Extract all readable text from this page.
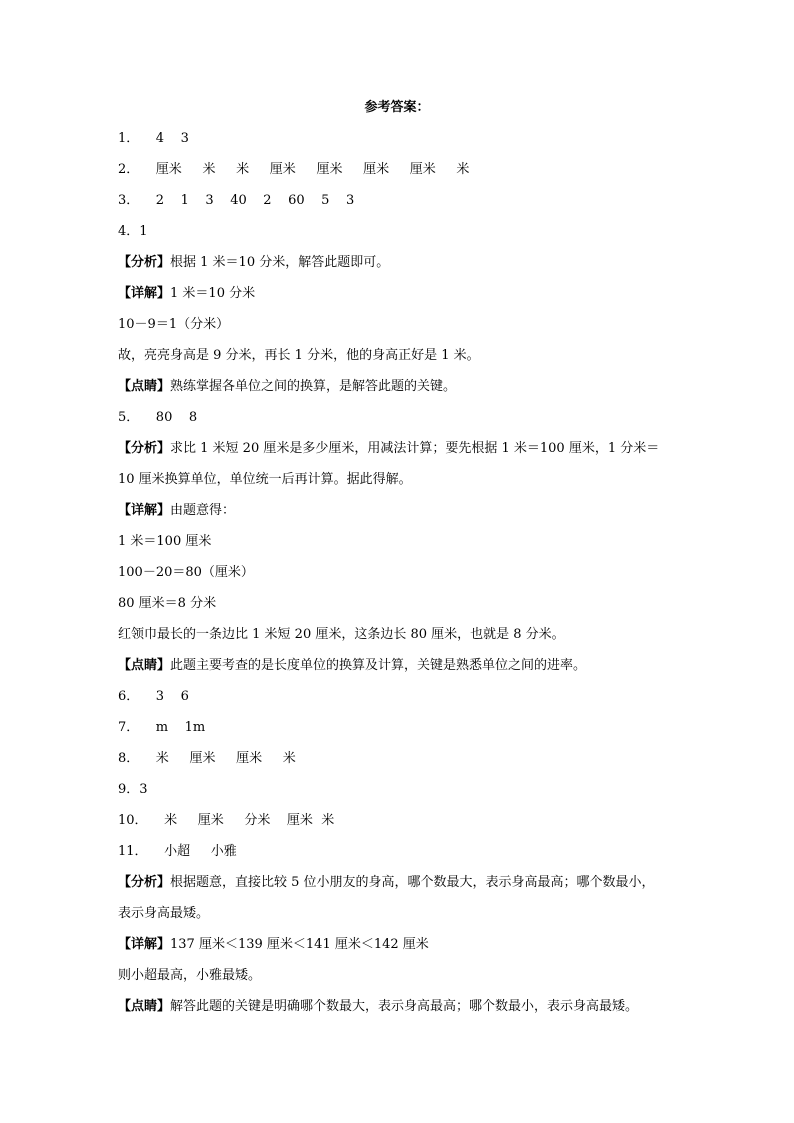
参考答案：
1．    4    3
2．    厘米     米     米     厘米     厘米     厘米     厘米     米
3．    2    1    3    40    2    60    5    3
4．1
【分析】根据 1 米＝10 分米，解答此题即可。
【详解】1 米＝10 分米
10－9＝1（分米）
故，亮亮身高是 9 分米，再长 1 分米，他的身高正好是 1 米。
【点睛】熟练掌握各单位之间的换算，是解答此题的关键。
5．    80    8
【分析】求比 1 米短 20 厘米是多少厘米，用减法计算；要先根据 1 米＝100 厘米，1 分米＝
10 厘米换算单位，单位统一后再计算。据此得解。
【详解】由题意得：
1 米＝100 厘米
100－20＝80（厘米）
80 厘米＝8 分米
红领巾最长的一条边比 1 米短 20 厘米，这条边长 80 厘米，也就是 8 分米。
【点睛】此题主要考查的是长度单位的换算及计算，关键是熟悉单位之间的进率。
6．    3    6
7．    m    1m
8．    米     厘米     厘米     米
9．3
10．    米     厘米     分米    厘米  米
11．    小超     小雅
【分析】根据题意，直接比较 5 位小朋友的身高，哪个数最大，表示身高最高；哪个数最小，
表示身高最矮。
【详解】137 厘米＜139 厘米＜141 厘米＜142 厘米
则小超最高，小雅最矮。
【点睛】解答此题的关键是明确哪个数最大，表示身高最高；哪个数最小，表示身高最矮。
